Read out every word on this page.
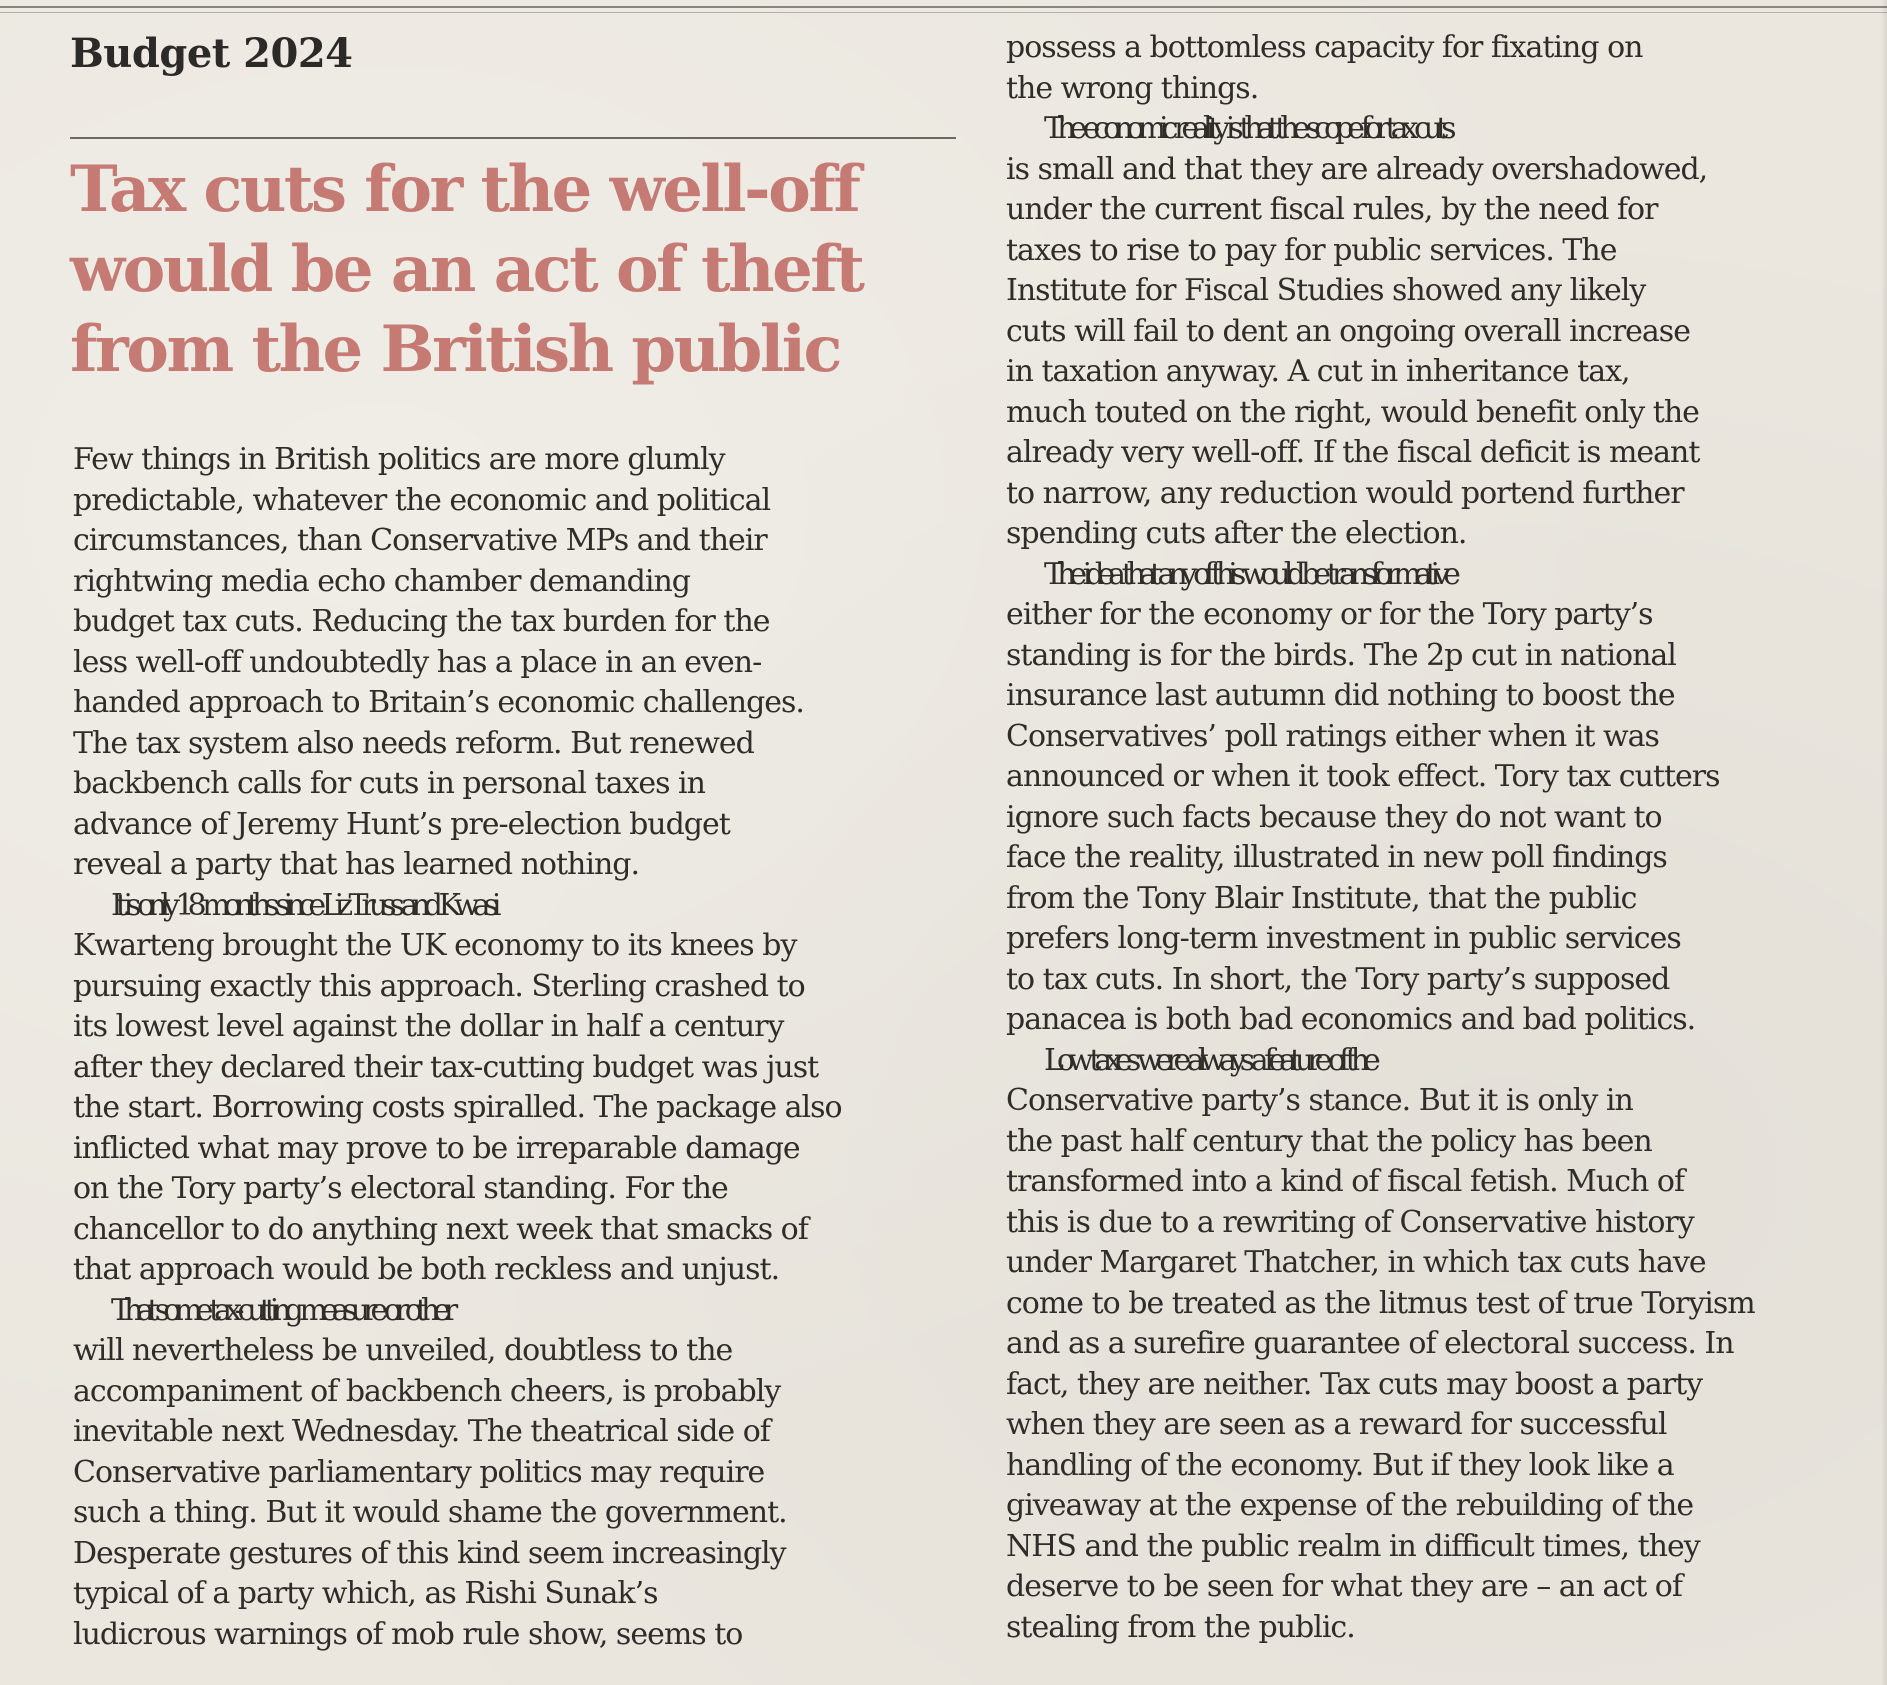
Budget 2024
Tax cuts for the well-off
would be an act of theft
from the British public

Few things in British politics are more glumly
predictable, whatever the economic and political
circumstances, than Conservative MPs and their
rightwing media echo chamber demanding
budget tax cuts. Reducing the tax burden for the
less well-off undoubtedly has a place in an even-
handed approach to Britain’s economic challenges.
The tax system also needs reform. But renewed
backbench calls for cuts in personal taxes in
advance of Jeremy Hunt’s pre-election budget
reveal a party that has learned nothing.

It is only 18 months since Liz Truss and Kwasi
Kwarteng brought the UK economy to its knees by
pursuing exactly this approach. Sterling crashed to
its lowest level against the dollar in half a century
after they declared their tax-cutting budget was just
the start. Borrowing costs spiralled. The package also
inflicted what may prove to be irreparable damage
on the Tory party’s electoral standing. For the
chancellor to do anything next week that smacks of
that approach would be both reckless and unjust.

That some tax-cutting measure or other
will nevertheless be unveiled, doubtless to the
accompaniment of backbench cheers, is probably
inevitable next Wednesday. The theatrical side of
Conservative parliamentary politics may require
such a thing. But it would shame the government.
Desperate gestures of this kind seem increasingly
typical of a party which, as Rishi Sunak’s
ludicrous warnings of mob rule show, seems to

possess a bottomless capacity for fixating on
the wrong things.

The economic reality is that the scope for tax cuts
is small and that they are already overshadowed,
under the current fiscal rules, by the need for
taxes to rise to pay for public services. The
Institute for Fiscal Studies showed any likely
cuts will fail to dent an ongoing overall increase
in taxation anyway. A cut in inheritance tax,
much touted on the right, would benefit only the
already very well-off. If the fiscal deficit is meant
to narrow, any reduction would portend further
spending cuts after the election.

The idea that any of this would be transformative
either for the economy or for the Tory party’s
standing is for the birds. The 2p cut in national
insurance last autumn did nothing to boost the
Conservatives’ poll ratings either when it was
announced or when it took effect. Tory tax cutters
ignore such facts because they do not want to
face the reality, illustrated in new poll findings
from the Tony Blair Institute, that the public
prefers long-term investment in public services
to tax cuts. In short, the Tory party’s supposed
panacea is both bad economics and bad politics.

Low taxes were always a feature of the
Conservative party’s stance. But it is only in
the past half century that the policy has been
transformed into a kind of fiscal fetish. Much of
this is due to a rewriting of Conservative history
under Margaret Thatcher, in which tax cuts have
come to be treated as the litmus test of true Toryism
and as a surefire guarantee of electoral success. In
fact, they are neither. Tax cuts may boost a party
when they are seen as a reward for successful
handling of the economy. But if they look like a
giveaway at the expense of the rebuilding of the
NHS and the public realm in difficult times, they
deserve to be seen for what they are – an act of
stealing from the public.
